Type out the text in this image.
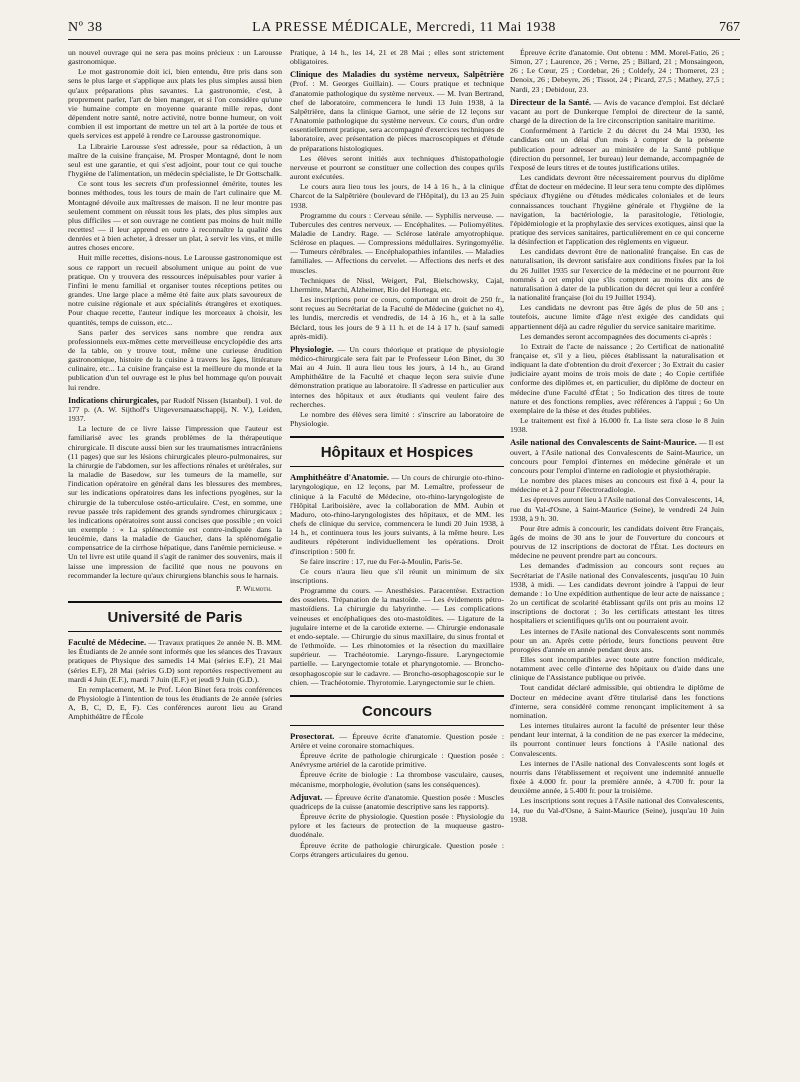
Nº 38	LA PRESSE MÉDICALE, Mercredi, 11 Mai 1938	767

un nouvel ouvrage qui ne sera pas moins précieux : un Larousse gastronomique.

Le mot gastronomie doit ici, bien entendu, être pris dans son sens le plus large et s'applique aux plats les plus simples aussi bien qu'aux préparations plus savantes. La gastronomie, c'est, à proprement parler, l'art de bien manger, et si l'on considère qu'une vie humaine compte en moyenne quarante mille repas, dont dépendent notre santé, notre activité, notre bonne humeur, on voit combien il est important de mettre un tel art à la portée de tous et quels services est appelé à rendre ce Larousse gastronomique.

La Librairie Larousse s'est adressée, pour sa rédaction, à un maître de la cuisine française, M. Prosper Montagné, dont le nom seul est une garantie, et qui s'est adjoint, pour tout ce qui touche l'hygiène de l'alimentation, un médecin spécialiste, le Dr Gottschalk.

Ce sont tous les secrets d'un professionnel émérite, toutes les bonnes méthodes, tous les tours de main de l'art culinaire que M. Montagné dévoile aux maîtresses de maison. Il ne leur montre pas seulement comment on réussit tous les plats, des plus simples aux plus difficiles — et son ouvrage ne contient pas moins de huit mille recettes! — il leur apprend en outre à reconnaître la qualité des denrées et à bien acheter, à dresser un plat, à servir les vins, et mille autres choses encore.

Huit mille recettes, disions-nous. Le Larousse gastronomique est sous ce rapport un recueil absolument unique au point de vue pratique. On y trouvera des ressources inépuisables pour varier à l'infini le menu familial et organiser toutes réceptions petites ou grandes. Une large place a même été faite aux plats savoureux de notre cuisine régionale et aux spécialités étrangères et exotiques. Pour chaque recette, l'auteur indique les morceaux à choisir, les quantités, temps de cuisson, etc...

Sans parler des services sans nombre que rendra aux professionnels eux-mêmes cette merveilleuse encyclopédie des arts de la table, on y trouve tout, même une curieuse érudition gastronomique, histoire de la cuisine à travers les âges, littérature culinaire, etc... La cuisine française est la meilleure du monde et la publication d'un tel ouvrage est le plus bel hommage qu'on pouvait lui rendre.

Indications chirurgicales, par Rudolf Nissen (Istanbul). 1 vol. de 177 p. (A. W. Sijthoff's Uitgeversmaatschappij, N. V.), Leiden, 1937.

La lecture de ce livre laisse l'impression que l'auteur est familiarisé avec les grands problèmes de la thérapeutique chirurgicale. Il discute aussi bien sur les traumatismes intracrâniens (11 pages) que sur les lésions chirurgicales pleuro-pulmonaires, sur la chirurgie de l'abdomen, sur les affections rénales et urétérales, sur la maladie de Basedow, sur les tumeurs de la mamelle, sur l'indication opératoire en général dans les blessures des membres, sur les indications opératoires dans les infections pyogènes, sur la chirurgie de la tuberculose ostéo-articulaire. C'est, en somme, une revue passée très rapidement des grands syndromes chirurgicaux ; les indications opératoires sont aussi concises que possible ; en voici un exemple : « La splénectomie est contre-indiquée dans la leucémie, dans la maladie de Gaucher, dans la splénomégalie compensatrice de la cirrhose hépatique, dans l'anémie pernicieuse. » Un tel livre est utile quand il s'agit de ranimer des souvenirs, mais il laisse une impression de facilité que nous ne pouvons en recommander la lecture qu'aux chirurgiens blanchis sous le harnais.

P. Wilmoth.
Université de Paris

Faculté de Médecine. — Travaux pratiques 2e année N. B. MM. les Étudiants de 2e année sont informés que les séances des Travaux pratiques de Physique des samedis 14 Mai (séries E.F), 21 Mai (séries E.F), 28 Mai (séries G.D) sont reportées respectivement au mardi 4 Juin (E.F.), mardi 7 Juin (E.F.) et jeudi 9 Juin (G.D.).

En remplacement, M. le Prof. Léon Binet fera trois conférences de Physiologie à l'intention de tous les étudiants de 2e année (séries A, B, C, D, E, F). Ces conférences auront lieu au Grand Amphithéâtre de l'École

Pratique, à 14 h., les 14, 21 et 28 Mai ; elles sont strictement obligatoires.

Clinique des Maladies du système nerveux, Salpêtrière (Prof. : M. Georges Guillain). — Cours pratique et technique d'anatomie pathologique du système nerveux. — M. Ivan Bertrand, chef de laboratoire, commencera le lundi 13 Juin 1938, à la Salpêtrière, dans la clinique Garnot, une série de 12 leçons sur l'Anatomie pathologique du système nerveux. Ce cours, d'un ordre essentiellement pratique, sera accompagné d'exercices techniques de laboratoire, avec présentation de pièces macroscopiques et d'étude de préparations histologiques.

Les élèves seront initiés aux techniques d'histopathologie nerveuse et pourront se constituer une collection des coupes qu'ils auront exécutées.

Le cours aura lieu tous les jours, de 14 à 16 h., à la clinique Charcot de la Salpêtrière (boulevard de l'Hôpital), du 13 au 25 Juin 1938.

Programme du cours : Cerveau sénile. — Syphilis nerveuse. — Tubercules des centres nerveux. — Encéphalites. — Poliomyélites. Maladie de Landry. Rage. — Sclérose latérale amyotrophique. Sclérose en plaques. — Compressions médullaires. Syringomyélie. — Tumeurs cérébrales. — Encéphalopathies infantiles. — Maladies familiales. — Affections du cervelet. — Affections des nerfs et des muscles.

Techniques de Nissl, Weigert, Pal, Bielschowsky, Cajal, Lhermitte, Marchi, Alzheimer, Rio del Hortega, etc.

Les inscriptions pour ce cours, comportant un droit de 250 fr., sont reçues au Secrétariat de la Faculté de Médecine (guichet no 4), les lundis, mercredis et vendredis, de 14 à 16 h., et à la salle Béclard, tous les jours de 9 à 11 h. et de 14 à 17 h. (sauf samedi après-midi).

Physiologie. — Un cours théorique et pratique de physiologie médico-chirurgicale sera fait par le Professeur Léon Binet, du 30 Mai au 4 Juin. Il aura lieu tous les jours, à 14 h., au Grand Amphithéâtre de la Faculté et chaque leçon sera suivie d'une démonstration pratique au laboratoire. Il s'adresse en particulier aux internes des hôpitaux et aux étudiants qui veulent faire des recherches.

Le nombre des élèves sera limité : s'inscrire au laboratoire de Physiologie.

Hôpitaux et Hospices

Amphithéâtre d'Anatomie. — Un cours de chirurgie oto-rhino-laryngologique, en 12 leçons, par M. Lemaître, professeur de clinique à la Faculté de Médecine, oto-rhino-laryngologiste de l'Hôpital Lariboisière, avec la collaboration de MM. Aubin et Maduro, oto-rhino-laryngologistes des hôpitaux, et de MM. les chefs de clinique du service, commencera le lundi 20 Juin 1938, à 14 h., et continuera tous les jours suivants, à la même heure. Les auditeurs répéteront individuellement les opérations. Droit d'inscription : 500 fr.

Se faire inscrire : 17, rue du Fer-à-Moulin, Paris-5e.

Ce cours n'aura lieu que s'il réunit un minimum de six inscriptions.

Programme du cours. — Anesthésies. Paracentèse. Extraction des osselets. Trépanation de la mastoïde. — Les évidements pétro-mastoïdiens. La chirurgie du labyrinthe. — Les complications veineuses et encéphaliques des oto-mastoïdites. — Ligature de la jugulaire interne et de la carotide externe. — Chirurgie endonasale et endo-septale. — Chirurgie du sinus maxillaire, du sinus frontal et de l'ethmoïde. — Les rhinotomies et la résection du maxillaire supérieur. — Trachéotomie. Laryngo-fissure. Laryngectomie partielle. — Laryngectomie totale et pharyngotomie. — Broncho-œsophagoscopie sur le cadavre. — Broncho-œsophagoscopie sur le chien. — Trachéotomie. Thyrotomie. Laryngectomie sur le chien.

Concours

Prosectorat. — Épreuve écrite d'anatomie. Question posée : Artère et veine coronaire stomachiques.

Épreuve écrite de pathologie chirurgicale : Question posée : Anévrysme artériel de la carotide primitive.

Épreuve écrite de biologie : La thrombose vasculaire, causes, mécanisme, morphologie, évolution (sans les conséquences).

Adjuvat. — Épreuve écrite d'anatomie. Question posée : Muscles quadriceps de la cuisse (anatomie descriptive sans les rapports).

Épreuve écrite de physiologie. Question posée : Physiologie du pylore et les facteurs de protection de la muqueuse gastro-duodénale.

Épreuve écrite de pathologie chirurgicale. Question posée : Corps étrangers articulaires du genou.

Épreuve écrite d'anatomie. Ont obtenu : MM. Morel-Fatio, 26 ; Simon, 27 ; Laurence, 26 ; Verne, 25 ; Billard, 21 ; Monsaingeon, 26 ; Le Cœur, 25 ; Cordebar, 26 ; Coldefy, 24 ; Thomeret, 23 ; Denoix, 26 ; Debeyre, 26 ; Tissot, 24 ; Picard, 27,5 ; Mathey, 27,5 ; Nardi, 23 ; Debidour, 23.

Directeur de la Santé. — Avis de vacance d'emploi. Est déclaré vacant au port de Dunkerque l'emploi de directeur de la santé, chargé de la direction de la 1re circonscription sanitaire maritime.

Conformément à l'article 2 du décret du 24 Mai 1930, les candidats ont un délai d'un mois à compter de la présente publication pour adresser au ministère de la Santé publique (direction du personnel, 1er bureau) leur demande, accompagnée de l'exposé de leurs titres et de toutes justifications utiles.

Les candidats devront être nécessairement pourvus du diplôme d'État de docteur en médecine. Il leur sera tenu compte des diplômes spéciaux d'hygiène ou d'études médicales coloniales et de leurs connaissances touchant l'hygiène générale et l'hygiène de la navigation, la bactériologie, la parasitologie, l'étiologie, l'épidémiologie et la prophylaxie des services exotiques, ainsi que la pratique des services sanitaires, particulièrement en ce qui concerne la désinfection et l'application des règlements en vigueur.

Les candidats devront être de nationalité française. En cas de naturalisation, ils devront satisfaire aux conditions fixées par la loi du 26 Juillet 1935 sur l'exercice de la médecine et ne pourront être nommés à cet emploi que s'ils comptent au moins dix ans de naturalisation à dater de la publication du décret qui leur a conféré la nationalité française (loi du 19 Juillet 1934).

Les candidats ne devront pas être âgés de plus de 50 ans ; toutefois, aucune limite d'âge n'est exigée des candidats qui appartiennent déjà au cadre régulier du service sanitaire maritime.

Les demandes seront accompagnées des documents ci-après :

1o Extrait de l'acte de naissance ; 2o Certificat de nationalité française et, s'il y a lieu, pièces établissant la naturalisation et indiquant la date d'obtention du droit d'exercer ; 3o Extrait du casier judiciaire ayant moins de trois mois de date ; 4o Copie certifiée conforme des diplômes et, en particulier, du diplôme de docteur en médecine d'une Faculté d'État ; 5o Indication des titres de toute nature et des fonctions remplies, avec références à l'appui ; 6o Un exemplaire de la thèse et des études publiées.

Le traitement est fixé à 16.000 fr. La liste sera close le 8 Juin 1938.

Asile national des Convalescents de Saint-Maurice. — Il est ouvert, à l'Asile national des Convalescents de Saint-Maurice, un concours pour l'emploi d'internes en médecine générale et un concours pour l'emploi d'interne en radiologie et physiothérapie.

Le nombre des places mises au concours est fixé à 4, pour la médecine et à 2 pour l'électroradiologie.

Les épreuves auront lieu à l'Asile national des Convalescents, 14, rue du Val-d'Osne, à Saint-Maurice (Seine), le vendredi 24 Juin 1938, à 9 h. 30.

Pour être admis à concourir, les candidats doivent être Français, âgés de moins de 30 ans le jour de l'ouverture du concours et pourvus de 12 inscriptions de doctorat de l'État. Les docteurs en médecine ne peuvent prendre part au concours.

Les demandes d'admission au concours sont reçues au Secrétariat de l'Asile national des Convalescents, jusqu'au 10 Juin 1938, à midi. — Les candidats devront joindre à l'appui de leur demande : 1o Une expédition authentique de leur acte de naissance ; 2o un certificat de scolarité établissant qu'ils ont pris au moins 12 inscriptions de doctorat ; 3o les certificats attestant les titres hospitaliers et scientifiques qu'ils ont ou pourraient avoir.

Les internes de l'Asile national des Convalescents sont nommés pour un an. Après cette période, leurs fonctions peuvent être prorogées d'année en année pendant deux ans.

Elles sont incompatibles avec toute autre fonction médicale, notamment avec celle d'interne des hôpitaux ou d'aide dans une clinique de l'Assistance publique ou privée.

Tout candidat déclaré admissible, qui obtiendra le diplôme de Docteur en médecine avant d'être titularisé dans les fonctions d'interne, sera considéré comme renonçant implicitement à sa nomination.

Les internes titulaires auront la faculté de présenter leur thèse pendant leur internat, à la condition de ne pas exercer la médecine, ils pourront continuer leurs fonctions à l'Asile national des Convalescents.

Les internes de l'Asile national des Convalescents sont logés et nourris dans l'établissement et reçoivent une indemnité annuelle fixée à 4.000 fr. pour la première année, à 4.700 fr. pour la deuxième année, à 5.400 fr. pour la troisième.

Les inscriptions sont reçues à l'Asile national des Convalescents, 14, rue du Val-d'Osne, à Saint-Maurice (Seine), jusqu'au 10 Juin 1938.
